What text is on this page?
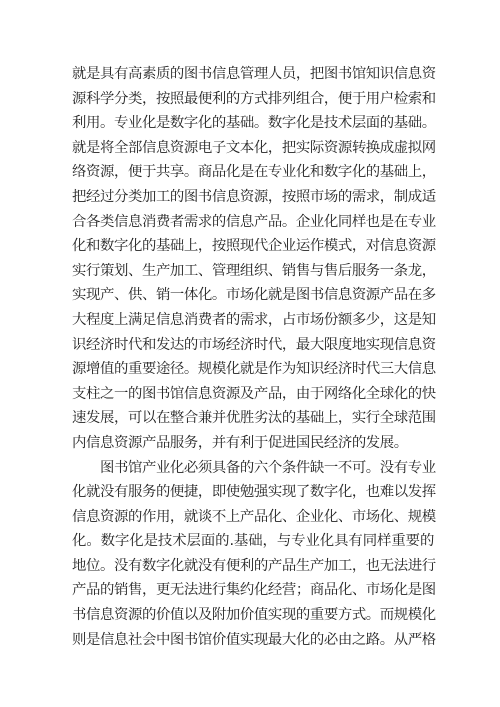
就是具有高素质的图书信息管理人员，把图书馆知识信息资
源科学分类，按照最便利的方式排列组合，便于用户检索和
利用。专业化是数字化的基础。数字化是技术层面的基础。
就是将全部信息资源电子文本化，把实际资源转换成虚拟网
络资源，便于共享。商品化是在专业化和数字化的基础上，
把经过分类加工的图书信息资源，按照市场的需求，制成适
合各类信息消费者需求的信息产品。企业化同样也是在专业
化和数字化的基础上，按照现代企业运作模式，对信息资源
实行策划、生产加工、管理组织、销售与售后服务一条龙，
实现产、供、销一体化。市场化就是图书信息资源产品在多
大程度上满足信息消费者的需求，占市场份额多少，这是知
识经济时代和发达的市场经济时代，最大限度地实现信息资
源增值的重要途径。规模化就是作为知识经济时代三大信息
支柱之一的图书馆信息资源及产品，由于网络化全球化的快
速发展，可以在整合兼并优胜劣汰的基础上，实行全球范围
内信息资源产品服务，并有利于促进国民经济的发展。
　　图书馆产业化必须具备的六个条件缺一不可。没有专业
化就没有服务的便捷，即使勉强实现了数字化，也难以发挥
信息资源的作用，就谈不上产品化、企业化、市场化、规模
化。数字化是技术层面的.基础，与专业化具有同样重要的
地位。没有数字化就没有便利的产品生产加工，也无法进行
产品的销售，更无法进行集约化经营；商品化、市场化是图
书信息资源的价值以及附加价值实现的重要方式。而规模化
则是信息社会中图书馆价值实现最大化的必由之路。从严格
